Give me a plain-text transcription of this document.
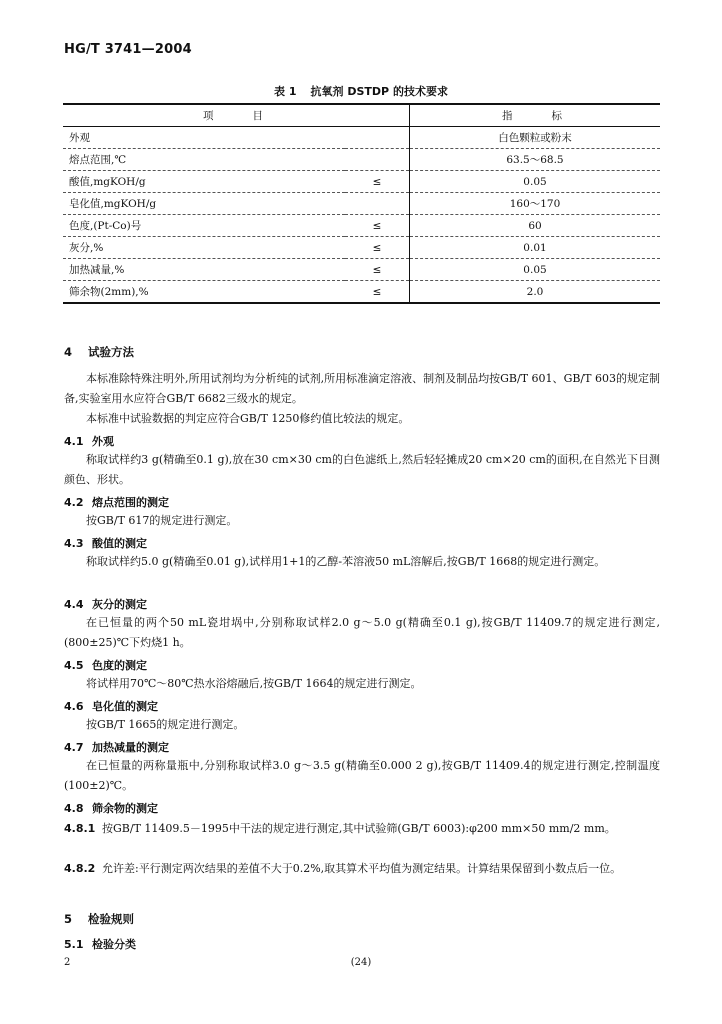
HG/T 3741—2004
表 1 抗氧剂 DSTDP 的技术要求
项　　目		指　　标
外观		白色颗粒或粉末
熔点范围,℃		63.5～68.5
酸值,mgKOH/g	≤	0.05
皂化值,mgKOH/g		160～170
色度,(Pt-Co)号	≤	60
灰分,%	≤	0.01
加热减量,%	≤	0.05
筛余物(2mm),%	≤	2.0
4 试验方法
本标准除特殊注明外,所用试剂均为分析纯的试剂,所用标准滴定溶液、制剂及制品均按GB/T 601、GB/T 603的规定制备,实验室用水应符合GB/T 6682三级水的规定。
本标准中试验数据的判定应符合GB/T 1250修约值比较法的规定。
4.1 外观
称取试样约3 g(精确至0.1 g),放在30 cm×30 cm的白色滤纸上,然后轻轻摊成20 cm×20 cm的面积,在自然光下目测颜色、形状。
4.2 熔点范围的测定
按GB/T 617的规定进行测定。
4.3 酸值的测定
称取试样约5.0 g(精确至0.01 g),试样用1+1的乙醇-苯溶液50 mL溶解后,按GB/T 1668的规定进行测定。
4.4 灰分的测定
在已恒量的两个50 mL瓷坩埚中,分别称取试样2.0 g～5.0 g(精确至0.1 g),按GB/T 11409.7的规定进行测定,(800±25)℃下灼烧1 h。
4.5 色度的测定
将试样用70℃～80℃热水浴熔融后,按GB/T 1664的规定进行测定。
4.6 皂化值的测定
按GB/T 1665的规定进行测定。
4.7 加热减量的测定
在已恒量的两称量瓶中,分别称取试样3.0 g～3.5 g(精确至0.000 2 g),按GB/T 11409.4的规定进行测定,控制温度(100±2)℃。
4.8 筛余物的测定
4.8.1 按GB/T 11409.5－1995中干法的规定进行测定,其中试验筛(GB/T 6003):φ200 mm×50 mm/2 mm。
4.8.2 允许差:平行测定两次结果的差值不大于0.2%,取其算术平均值为测定结果。计算结果保留到小数点后一位。
5 检验规则
5.1 检验分类
2	(24)
